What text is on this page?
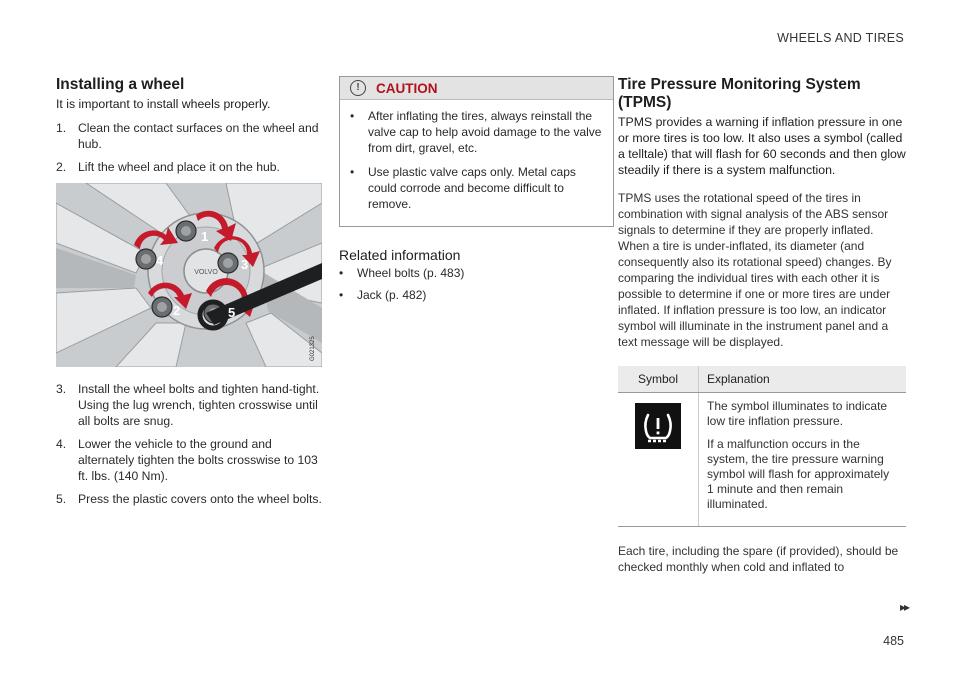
WHEELS AND TIRES
Installing a wheel

It is important to install wheels properly.

1. Clean the contact surfaces on the wheel and hub.
2. Lift the wheel and place it on the hub.
VOLVO
1
2
3
4
5
G021325
3. Install the wheel bolts and tighten hand-tight. Using the lug wrench, tighten crosswise until all bolts are snug.
4. Lower the vehicle to the ground and alternately tighten the bolts crosswise to 103 ft. lbs. (140 Nm).
5. Press the plastic covers onto the wheel bolts.
!	CAUTION
•	After inflating the tires, always reinstall the valve cap to help avoid damage to the valve from dirt, gravel, etc.
•	Use plastic valve caps only. Metal caps could corrode and become difficult to remove.
Related information
•	Wheel bolts (p. 483)
•	Jack (p. 482)
Tire Pressure Monitoring System (TPMS)

TPMS provides a warning if inflation pressure in one or more tires is too low. It also uses a symbol (called a telltale) that will flash for 60 seconds and then glow steadily if there is a system malfunction.

TPMS uses the rotational speed of the tires in combination with signal analysis of the ABS sensor signals to determine if they are properly inflated. When a tire is under-inflated, its diameter (and consequently also its rotational speed) changes. By comparing the individual tires with each other it is possible to determine if one or more tires are under inflated. If inflation pressure is too low, an indicator symbol will illuminate in the instrument panel and a text message will be displayed.

Symbol	Explanation

The symbol illuminates to indicate low tire inflation pressure.

If a malfunction occurs in the system, the tire pressure warning symbol will flash for approximately 1 minute and then remain illuminated.

Each tire, including the spare (if provided), should be checked monthly when cold and inflated to

▸▸
485
